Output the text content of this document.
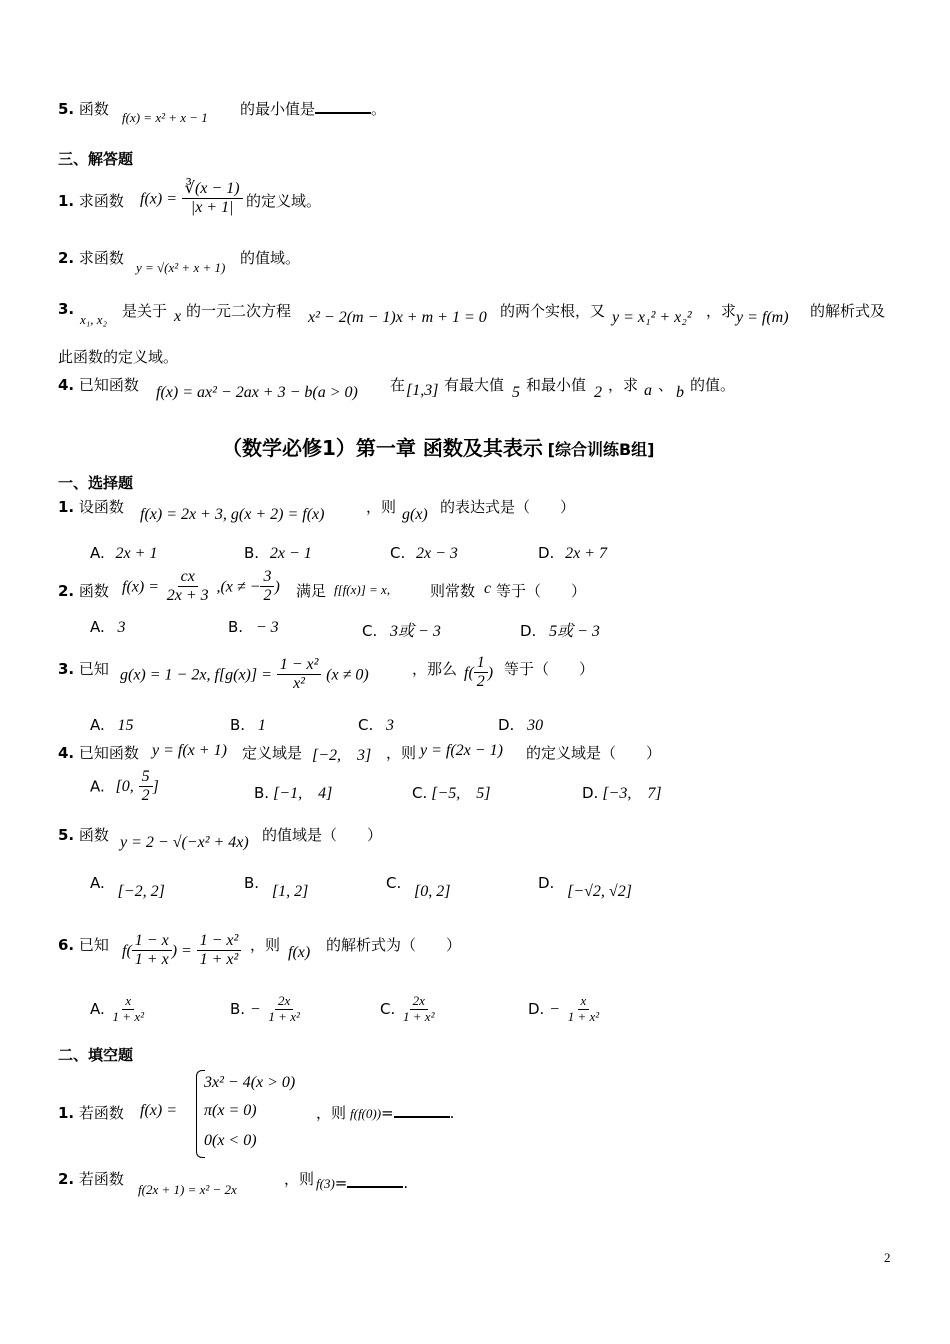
5. 函数 f(x) = x² + x − 1 的最小值是	。
三、解答题
1. 求函数 $f(x) = \frac{∛(x - 1)}{|x + 1|}$ 的定义域。
2. 求函数
y = √(x² + x + 1)
的值域。
3.
x₁, x₂ 是关于 x 的一元二次方程 x² − 2(m − 1)x + m + 1 = 0 的两个实根，又 y = x₁² + x₂² ，求 y = f(m) 的解析式及
此函数的定义域。
4. 已知函数 f(x) = ax² − 2ax + 3 − b(a > 0) 在 [1,3] 有最大值 5 和最小值 2 ，求 a 、 b 的值。
（数学必修1）第一章 函数及其表示 [综合训练B组]
一、选择题
1. 设函数 f(x) = 2x + 3, g(x + 2) = f(x)	，则 g(x) 的表达式是（　　）
A. 2x + 1	B. 2x − 1	C. 2x − 3	D. 2x + 7
2. 函数 $f(x) = \frac{cx}{2x + 3} ,(x$ ≠ − $\frac{3}{2}$ ) 满足 f[f(x)] = x,	则常数 c 等于（　　）
A. 3	B. − 3	C. 3或 − 3	D. 5或 − 3
3. 已知 g(x) = 1 − 2x, $f[g(x)] = \frac{\text{1 − x²}}{\text{x²}} (x \ne 0)$	，那么 $f( \frac{1}{2}$ ) 等于（　　）
A. 15	B. 1	C. 3	D. 30
4. 已知函数 y = f(x + 1) 定义域是 [−2,　3] ，则 y = f(2x − 1) 的定义域是（　　）
A. [0, $\frac{5}{2}$ ]	B. [−1,　4]	C. [−5,　5]	D. [−3,　7]
5. 函数 y = 2 − √(−x² + 4x) 的值域是（　　）
A. [−2, 2]	B. [1, 2]	C. [0, 2]	D. [−√2, √2]
6. 已知 $f( \frac{1 - x}{1 + x}$ ) = $\frac{\text{1 − x²}}{\text{1 + x²}}$ ，则 f(x) 的解析式为（　　）
A. $\frac{x}{\text{1 + x²}}$	B. − $\frac{2x}{\text{1 + x²}}$	C. $\frac{2x}{\text{1 + x²}}$	D. − $\frac{x}{\text{1 + x²}}$
二、填空题
1. 若函数 f(x) =
3x² − 4(x > 0)
π(x = 0)
0(x < 0)
，则 f(f(0))=	.
2. 若函数
f(2x + 1) = x² − 2x
，则 f(3)=	.
2
